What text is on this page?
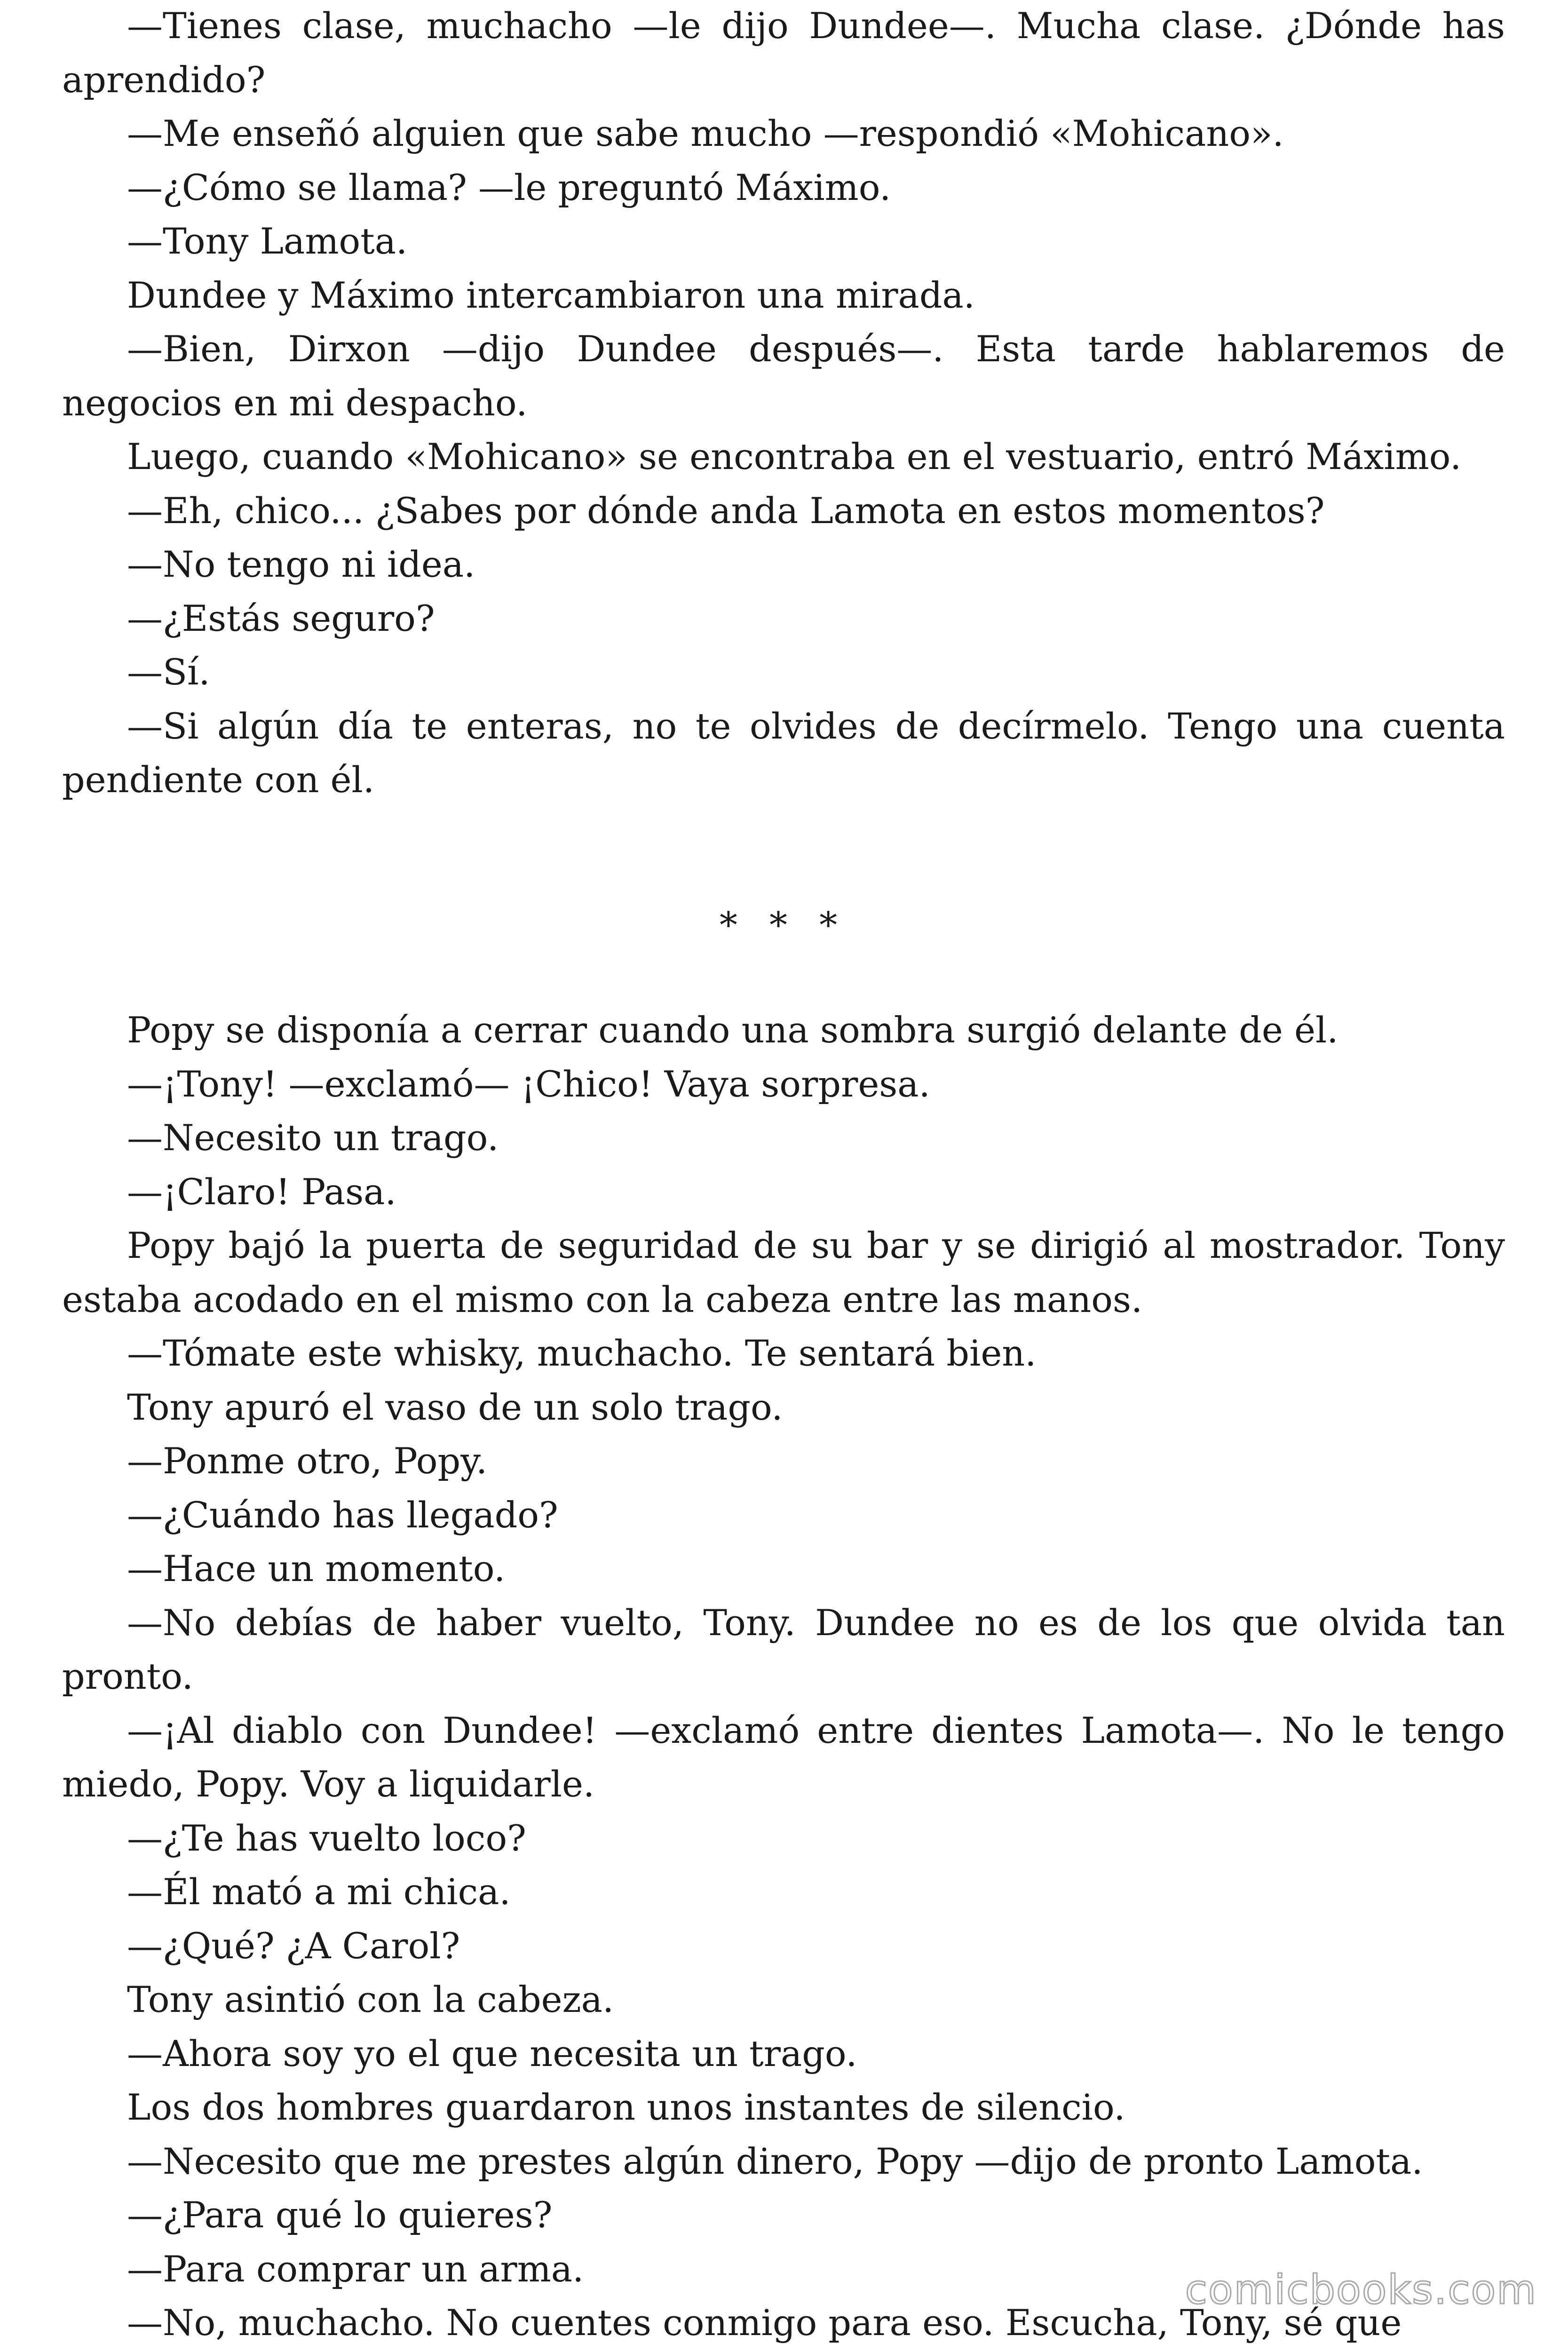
—Tienes clase, muchacho —le dijo Dundee—. Mucha clase. ¿Dónde has aprendido?

—Me enseñó alguien que sabe mucho —respondió «Mohicano».

—¿Cómo se llama? —le preguntó Máximo.

—Tony Lamota.

Dundee y Máximo intercambiaron una mirada.

—Bien, Dirxon —dijo Dundee después—. Esta tarde hablaremos de negocios en mi despacho.

Luego, cuando «Mohicano» se encontraba en el vestuario, entró Máximo.

—Eh, chico... ¿Sabes por dónde anda Lamota en estos momentos?

—No tengo ni idea.

—¿Estás seguro?

—Sí.

—Si algún día te enteras, no te olvides de decírmelo. Tengo una cuenta pendiente con él.

* * *

Popy se disponía a cerrar cuando una sombra surgió delante de él.

—¡Tony! —exclamó— ¡Chico! Vaya sorpresa.

—Necesito un trago.

—¡Claro! Pasa.

Popy bajó la puerta de seguridad de su bar y se dirigió al mostrador. Tony estaba acodado en el mismo con la cabeza entre las manos.

—Tómate este whisky, muchacho. Te sentará bien.

Tony apuró el vaso de un solo trago.

—Ponme otro, Popy.

—¿Cuándo has llegado?

—Hace un momento.

—No debías de haber vuelto, Tony. Dundee no es de los que olvida tan pronto.

—¡Al diablo con Dundee! —exclamó entre dientes Lamota—. No le tengo miedo, Popy. Voy a liquidarle.

—¿Te has vuelto loco?

—Él mató a mi chica.

—¿Qué? ¿A Carol?

Tony asintió con la cabeza.

—Ahora soy yo el que necesita un trago.

Los dos hombres guardaron unos instantes de silencio.

—Necesito que me prestes algún dinero, Popy —dijo de pronto Lamota.

—¿Para qué lo quieres?

—Para comprar un arma.

—No, muchacho. No cuentes conmigo para eso. Escucha, Tony, sé que

comicbooks.com
